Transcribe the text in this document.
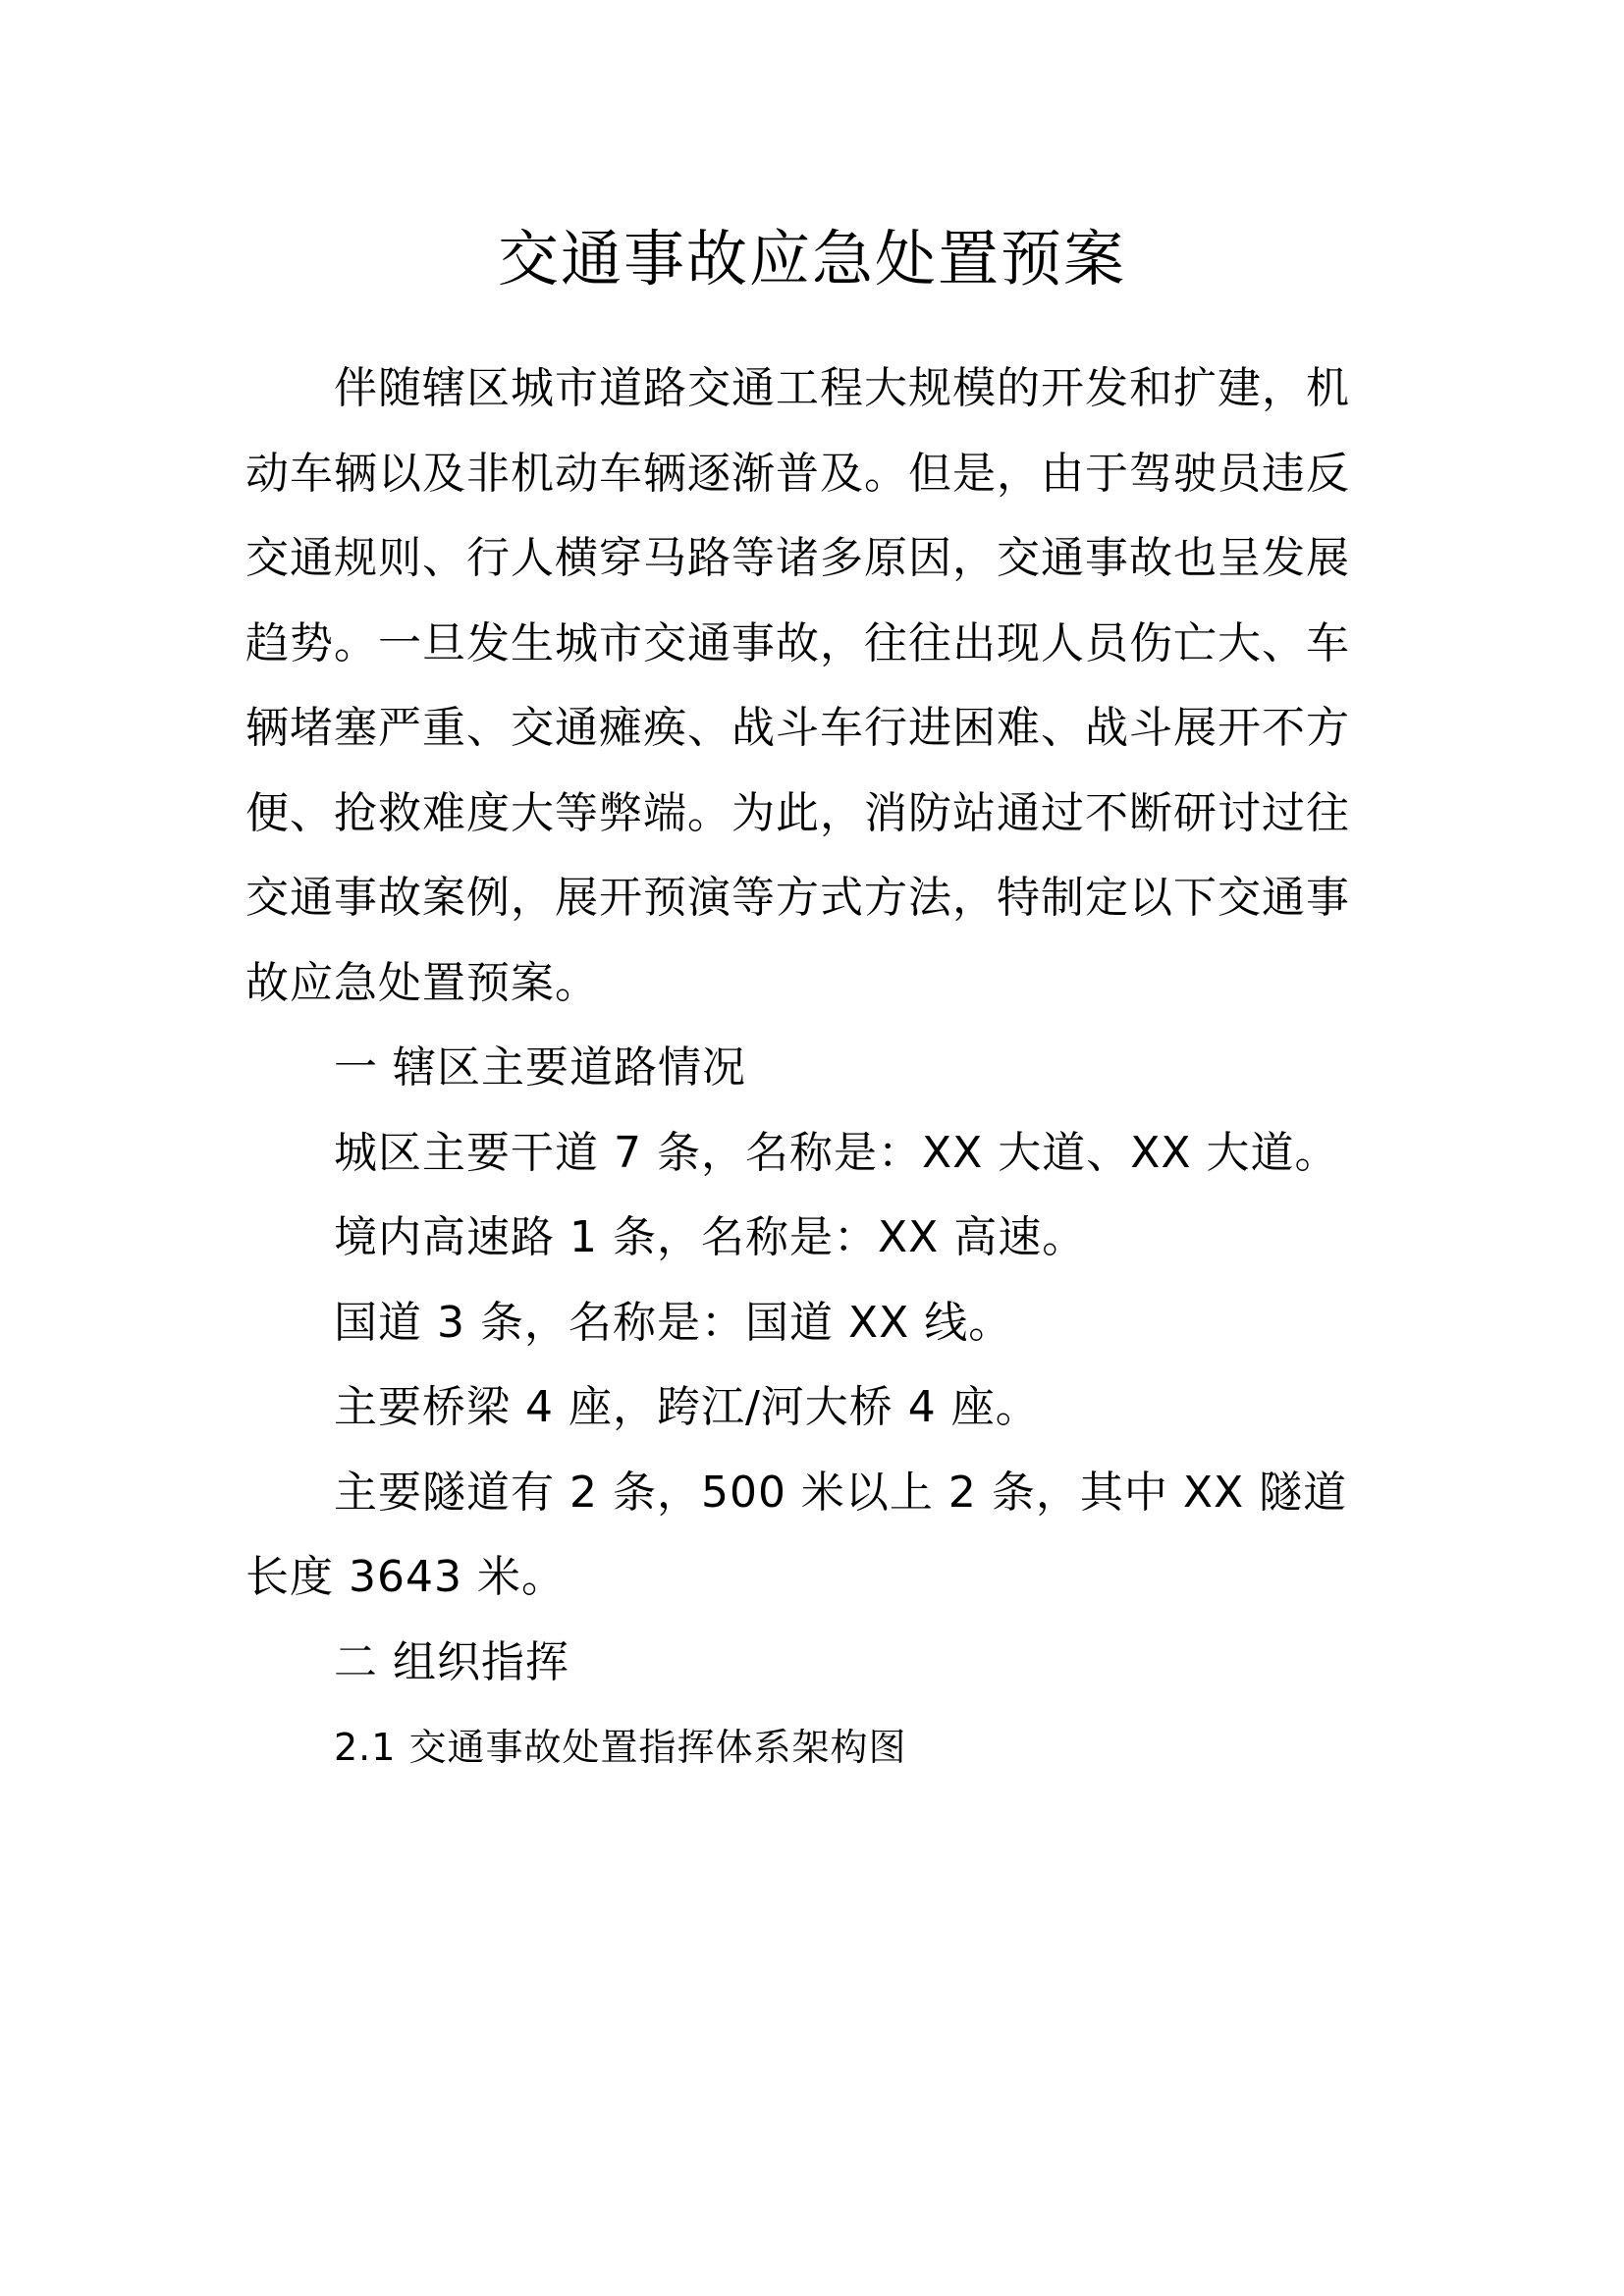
交通事故应急处置预案

伴随辖区城市道路交通工程大规模的开发和扩建，机动车辆以及非机动车辆逐渐普及。但是，由于驾驶员违反交通规则、行人横穿马路等诸多原因，交通事故也呈发展趋势。一旦发生城市交通事故，往往出现人员伤亡大、车辆堵塞严重、交通瘫痪、战斗车行进困难、战斗展开不方便、抢救难度大等弊端。为此，消防站通过不断研讨过往交通事故案例，展开预演等方式方法，特制定以下交通事故应急处置预案。

一 辖区主要道路情况

城区主要干道 7 条，名称是：XX 大道、XX 大道。

境内高速路 1 条，名称是：XX 高速。

国道 3 条，名称是：国道 XX 线。

主要桥梁 4 座，跨江/河大桥 4 座。

主要隧道有 2 条，500 米以上 2 条，其中 XX 隧道长度 3643 米。

二 组织指挥

2.1 交通事故处置指挥体系架构图
